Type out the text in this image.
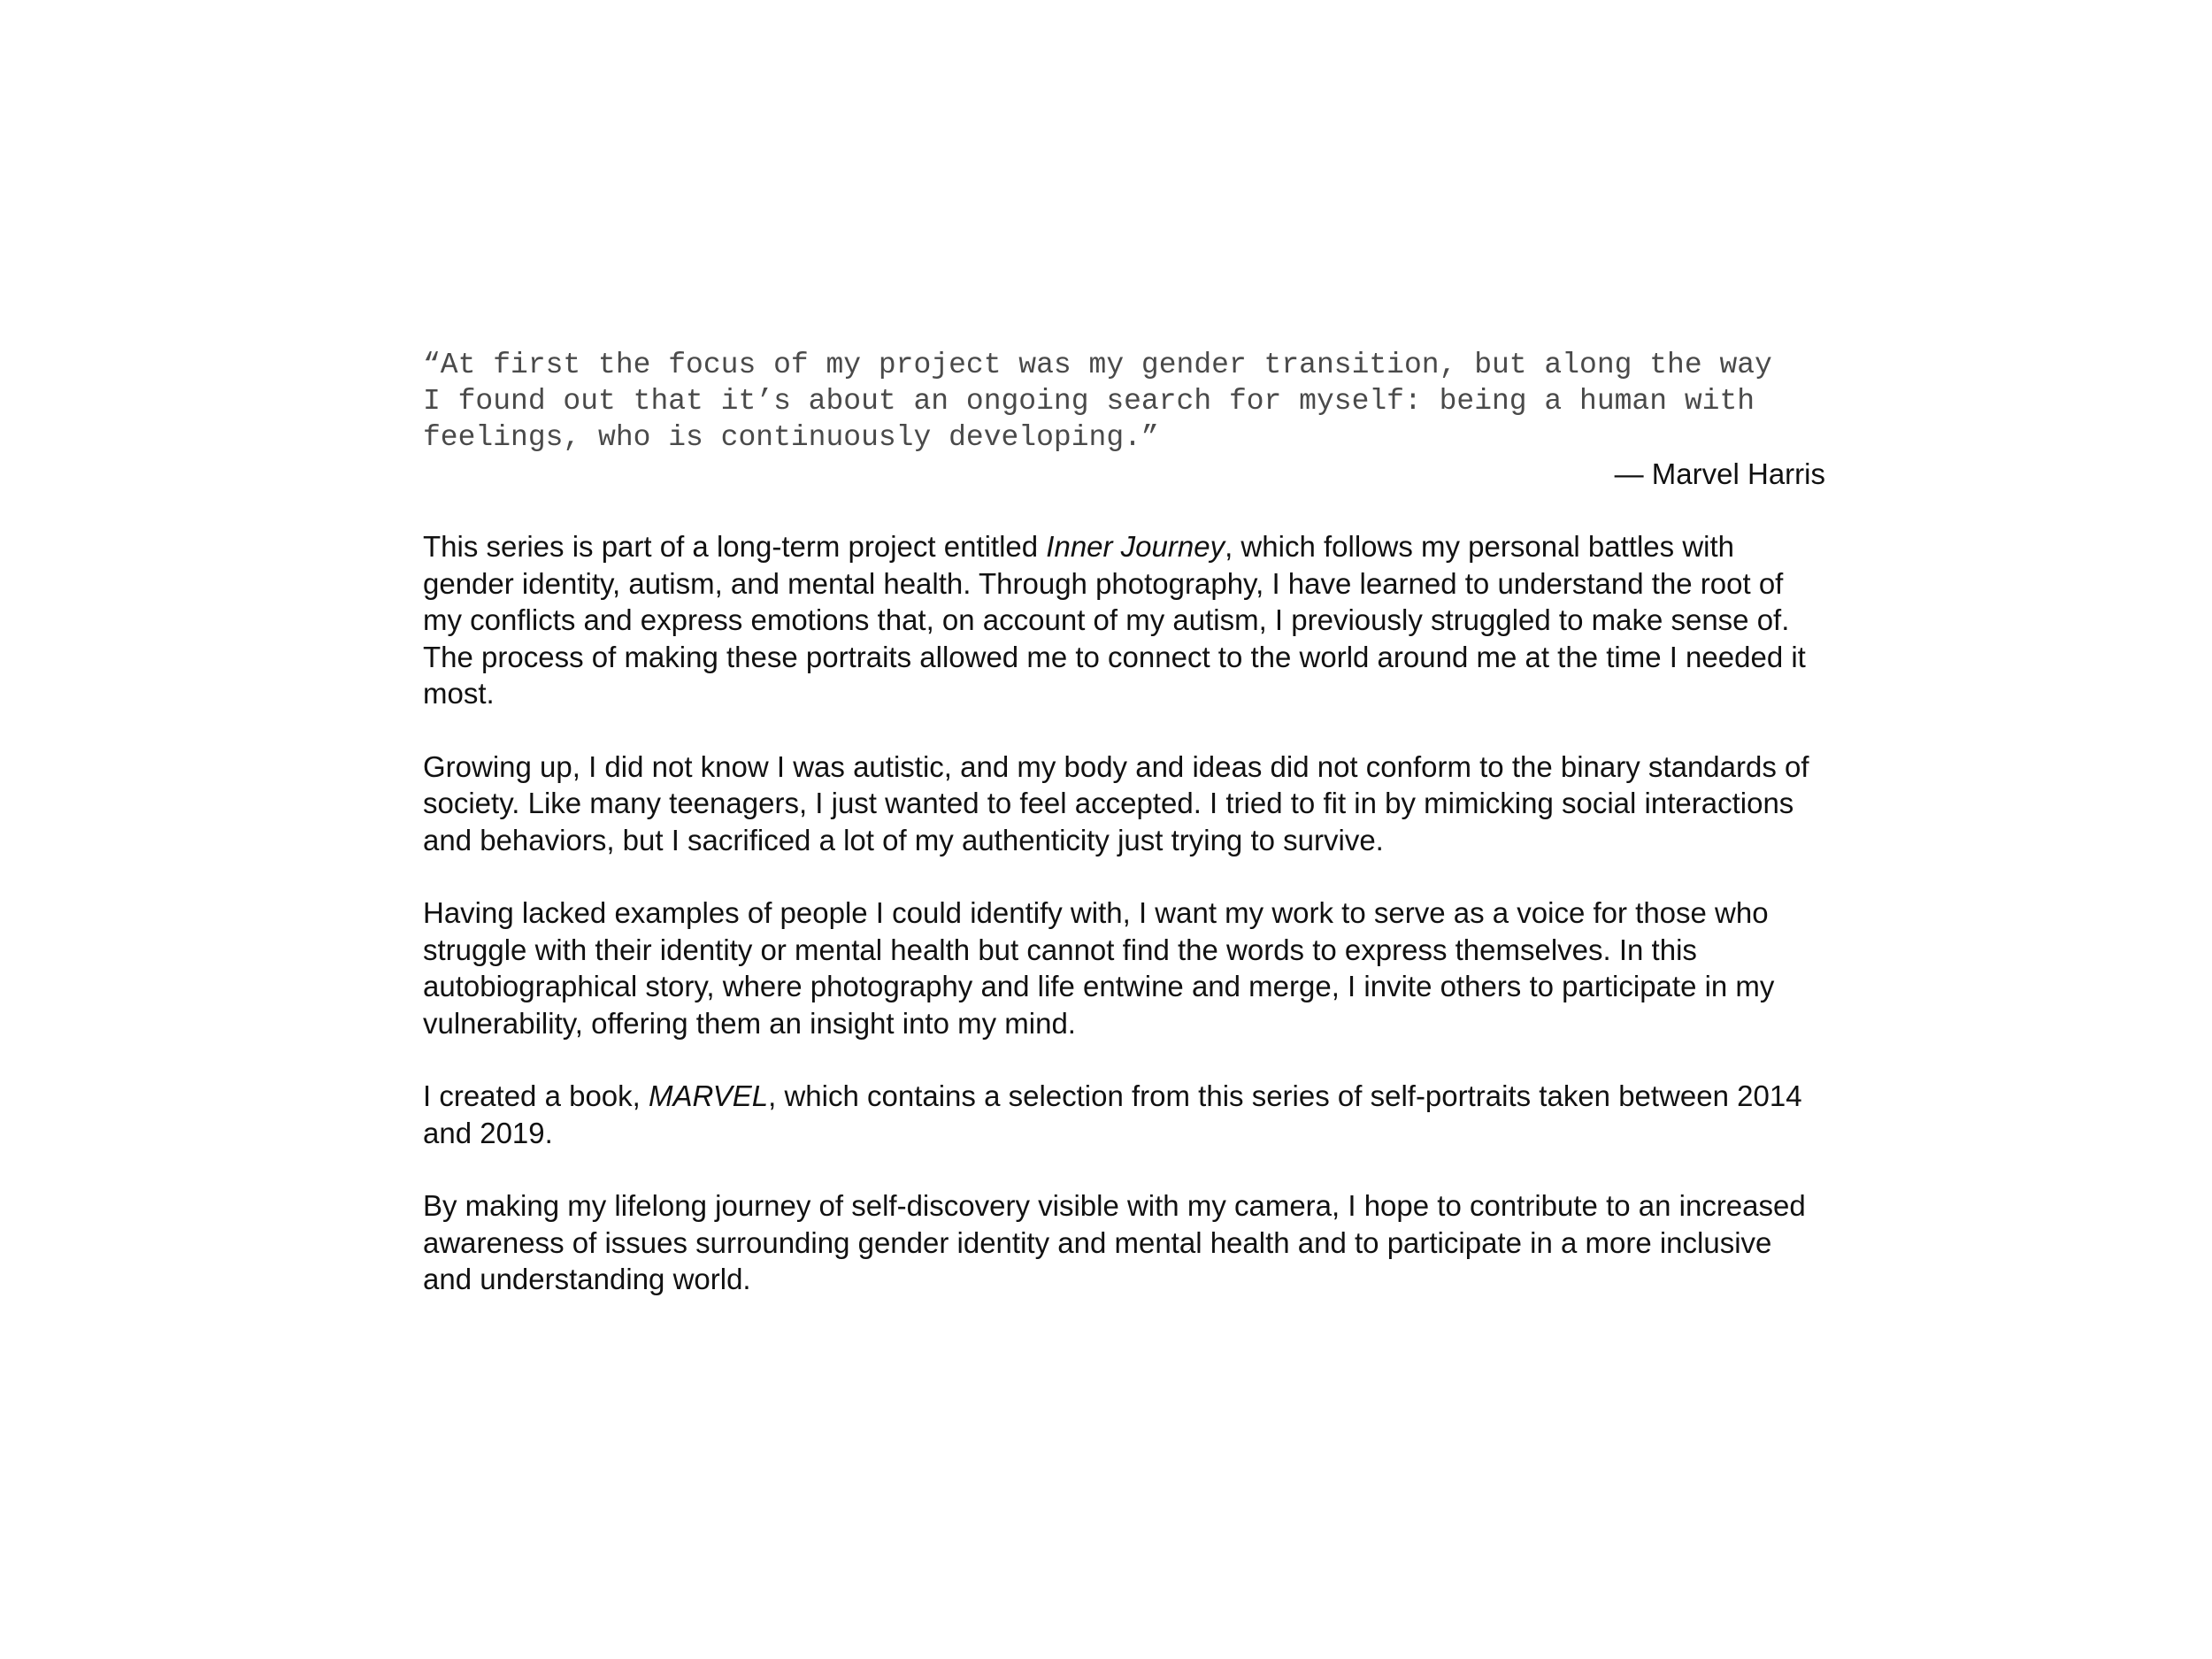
“At first the focus of my project was my gender transition, but along the way
I found out that it’s about an ongoing search for myself: being a human with
feelings, who is continuously developing.”

— Marvel Harris

This series is part of a long-term project entitled Inner Journey, which follows my personal battles with gender identity, autism, and mental health. Through photography, I have learned to understand the root of my conflicts and express emotions that, on account of my autism, I previously struggled to make sense of. The process of making these portraits allowed me to connect to the world around me at the time I needed it most.

Growing up, I did not know I was autistic, and my body and ideas did not conform to the binary standards of society. Like many teenagers, I just wanted to feel accepted. I tried to fit in by mimicking social interactions and behaviors, but I sacrificed a lot of my authenticity just trying to survive.

Having lacked examples of people I could identify with, I want my work to serve as a voice for those who struggle with their identity or mental health but cannot find the words to express themselves. In this autobiographical story, where photography and life entwine and merge, I invite others to participate in my vulnerability, offering them an insight into my mind.

I created a book, MARVEL, which contains a selection from this series of self-portraits taken between 2014 and 2019.

By making my lifelong journey of self-discovery visible with my camera, I hope to contribute to an increased awareness of issues surrounding gender identity and mental health and to participate in a more inclusive and understanding world.
